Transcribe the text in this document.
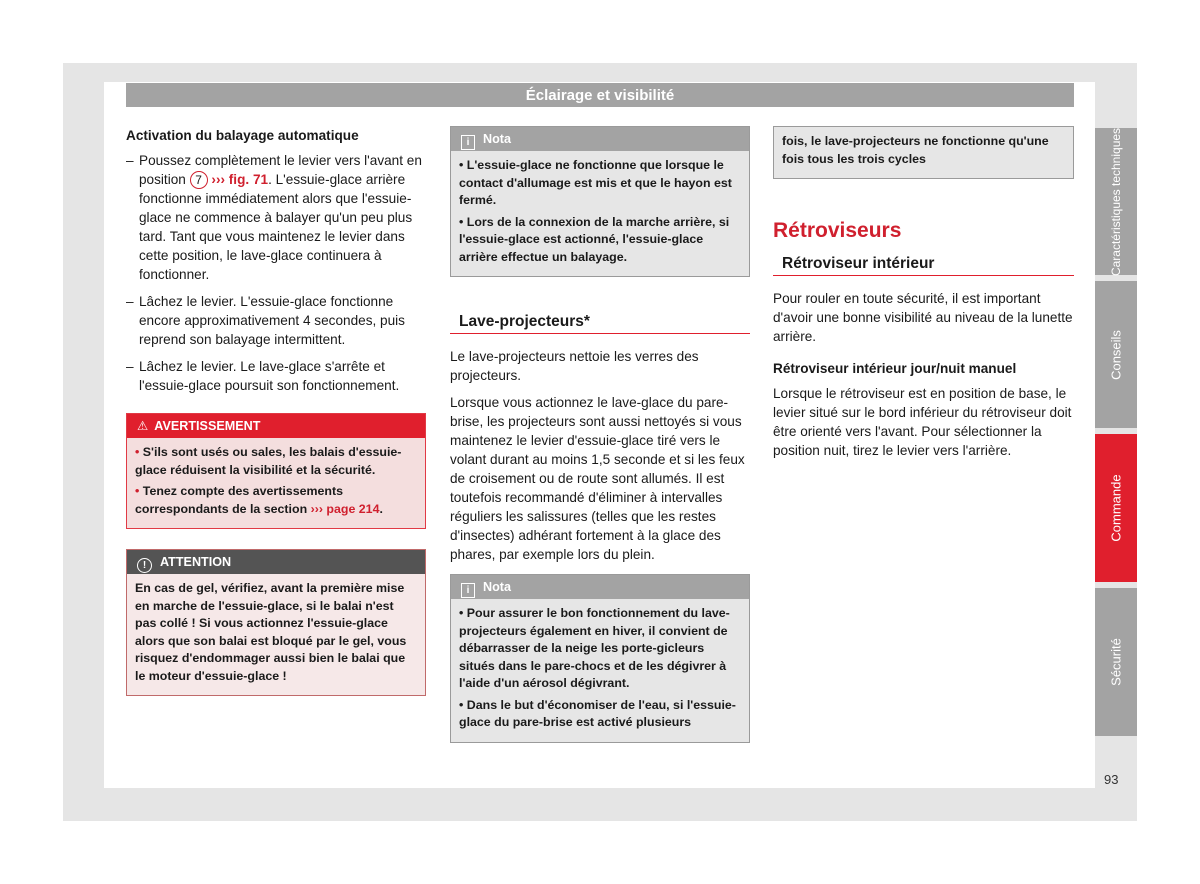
Éclairage et visibilité
Activation du balayage automatique
– Poussez complètement le levier vers l'avant en position 7 ››› fig. 71. L'essuie-glace arrière fonctionne immédiatement alors que l'essuie-glace ne commence à balayer qu'un peu plus tard. Tant que vous maintenez le levier dans cette position, le lave-glace continuera à fonctionner.
– Lâchez le levier. L'essuie-glace fonctionne encore approximativement 4 secondes, puis reprend son balayage intermittent.
– Lâchez le levier. Le lave-glace s'arrête et l'essuie-glace poursuit son fonctionnement.
⚠ AVERTISSEMENT

• S'ils sont usés ou sales, les balais d'essuie-glace réduisent la visibilité et la sécurité.

• Tenez compte des avertissements correspondants de la section ››› page 214.

! ATTENTION

En cas de gel, vérifiez, avant la première mise en marche de l'essuie-glace, si le balai n'est pas collé ! Si vous actionnez l'essuie-glace alors que son balai est bloqué par le gel, vous risquez d'endommager aussi bien le balai que le moteur d'essuie-glace !

i Nota

• L'essuie-glace ne fonctionne que lorsque le contact d'allumage est mis et que le hayon est fermé.

• Lors de la connexion de la marche arrière, si l'essuie-glace est actionné, l'essuie-glace arrière effectue un balayage.

Lave-projecteurs*

Le lave-projecteurs nettoie les verres des projecteurs.

Lorsque vous actionnez le lave-glace du pare-brise, les projecteurs sont aussi nettoyés si vous maintenez le levier d'essuie-glace tiré vers le volant durant au moins 1,5 seconde et si les feux de croisement ou de route sont allumés. Il est toutefois recommandé d'éliminer à intervalles réguliers les salissures (telles que les restes d'insectes) adhérant fortement à la glace des phares, par exemple lors du plein.

i Nota

• Pour assurer le bon fonctionnement du lave-projecteurs également en hiver, il convient de débarrasser de la neige les porte-gicleurs situés dans le pare-chocs et de les dégivrer à l'aide d'un aérosol dégivrant.

• Dans le but d'économiser de l'eau, si l'essuie-glace du pare-brise est activé plusieurs

fois, le lave-projecteurs ne fonctionne qu'une fois tous les trois cycles

Rétroviseurs
Rétroviseur intérieur

Pour rouler en toute sécurité, il est important d'avoir une bonne visibilité au niveau de la lunette arrière.

Rétroviseur intérieur jour/nuit manuel

Lorsque le rétroviseur est en position de base, le levier situé sur le bord inférieur du rétroviseur doit être orienté vers l'avant. Pour sélectionner la position nuit, tirez le levier vers l'arrière.

Caractéristiques techniques
Conseils
Commande
Sécurité
93
